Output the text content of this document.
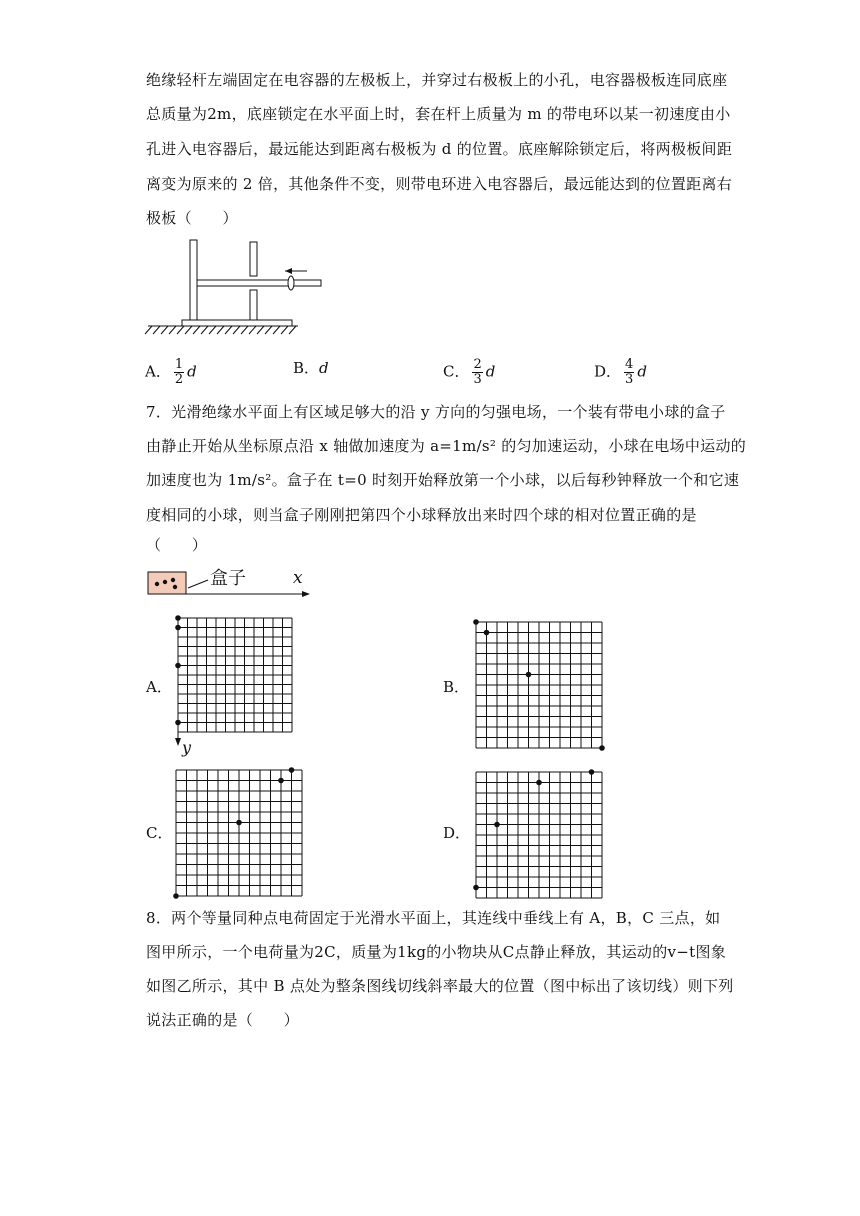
绝缘轻杆左端固定在电容器的左极板上，并穿过右极板上的小孔，电容器极板连同底座
总质量为2m，底座锁定在水平面上时，套在杆上质量为 m 的带电环以某一初速度由小
孔进入电容器后，最远能达到距离右极板为 d 的位置。底座解除锁定后，将两极板间距
离变为原来的 2 倍，其他条件不变，则带电环进入电容器后，最远能达到的位置距离右
极板（　　）
A． $\frac{1}{2}$ d	B．d	C． $\frac{2}{3}$ d	D． $\frac{4}{3}$ d
7．光滑绝缘水平面上有区域足够大的沿 y 方向的匀强电场，一个装有带电小球的盒子
由静止开始从坐标原点沿 x 轴做加速度为 a=1m/s² 的匀加速运动，小球在电场中运动的
加速度也为 1m/s²。盒子在 t=0 时刻开始释放第一个小球，以后每秒钟释放一个和它速
度相同的小球，则当盒子刚刚把第四个小球释放出来时四个球的相对位置正确的是
（　　）
盒子	x
A．
y
B．
C．	D．
8．两个等量同种点电荷固定于光滑水平面上，其连线中垂线上有 A，B，C 三点，如
图甲所示，一个电荷量为2C，质量为1kg的小物块从C点静止释放，其运动的v−t图象
如图乙所示，其中 B 点处为整条图线切线斜率最大的位置（图中标出了该切线）则下列
说法正确的是（　　）
